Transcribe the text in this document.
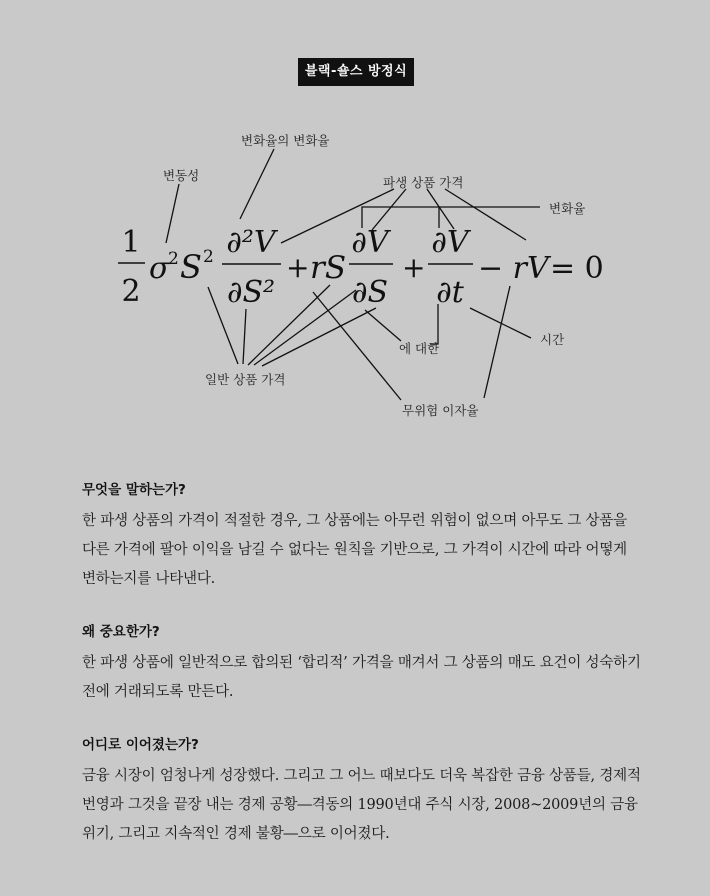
블랙-숄스 방정식
변화율의 변화율
변동성	파생 상품 가격
변화율
시간
에 대한
일반 상품 가격
무위험 이자율
1
2
σ
2 S 2 ∂²V
∂S²
+ rS
∂V
∂S
+
∂V
∂t
− rV = 0
무엇을 말하는가?

한 파생 상품의 가격이 적절한 경우, 그 상품에는 아무런 위험이 없으며 아무도 그 상품을 다른 가격에 팔아 이익을 남길 수 없다는 원칙을 기반으로, 그 가격이 시간에 따라 어떻게 변하는지를 나타낸다.

왜 중요한가?

한 파생 상품에 일반적으로 합의된 ‘합리적’ 가격을 매겨서 그 상품의 매도 요건이 성숙하기 전에 거래되도록 만든다.

어디로 이어졌는가?

금융 시장이 엄청나게 성장했다. 그리고 그 어느 때보다도 더욱 복잡한 금융 상품들, 경제적 번영과 그것을 끝장 내는 경제 공황―격동의 1990년대 주식 시장, 2008~2009년의 금융 위기, 그리고 지속적인 경제 불황―으로 이어졌다.
